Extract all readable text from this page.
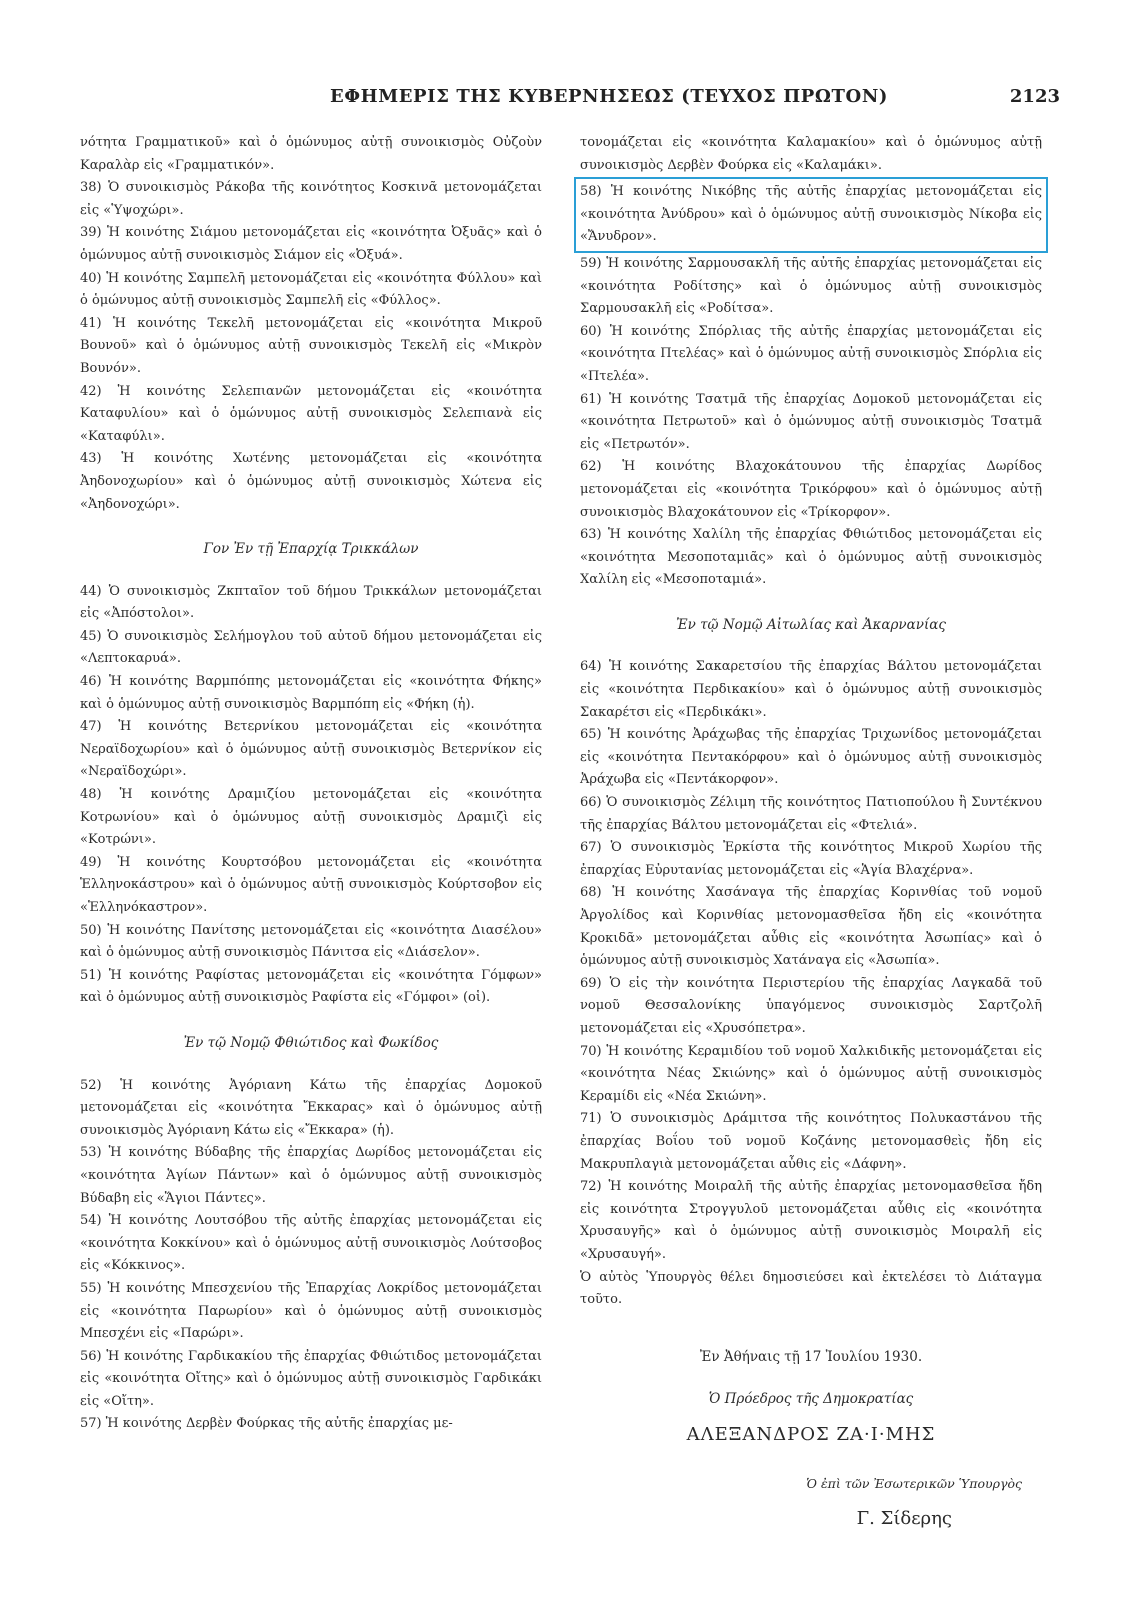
ΕΦΗΜΕΡΙΣ ΤΗΣ ΚΥΒΕΡΝΗΣΕΩΣ (ΤΕΥΧΟΣ ΠΡΩΤΟΝ)	2123

νότητα Γραμματικοῦ» καὶ ὁ ὁμώνυμος αὐτῇ συνοικισμὸς Οὐζοὺν Καραλὰρ εἰς «Γραμματικόν».

38) Ὁ συνοικισμὸς Ράκοβα τῆς κοινότητος Κοσκινᾶ μετονομάζεται εἰς «Ὑψοχώρι».

39) Ἡ κοινότης Σιάμου μετονομάζεται εἰς «κοινότητα Ὀξυᾶς» καὶ ὁ ὁμώνυμος αὐτῇ συνοικισμὸς Σιάμον εἰς «Ὀξυά».

40) Ἡ κοινότης Σαμπελῆ μετονομάζεται εἰς «κοινότητα Φύλλου» καὶ ὁ ὁμώνυμος αὐτῇ συνοικισμὸς Σαμπελῆ εἰς «Φύλλος».

41) Ἡ κοινότης Τεκελῆ μετονομάζεται εἰς «κοινότητα Μικροῦ Βουνοῦ» καὶ ὁ ὁμώνυμος αὐτῇ συνοικισμὸς Τεκελῆ εἰς «Μικρὸν Βουνόν».

42) Ἡ κοινότης Σελεπιανῶν μετονομάζεται εἰς «κοινότητα Καταφυλίου» καὶ ὁ ὁμώνυμος αὐτῇ συνοικισμὸς Σελεπιανὰ εἰς «Καταφύλι».

43) Ἡ κοινότης Χωτένης μετονομάζεται εἰς «κοινότητα Ἀηδονοχωρίου» καὶ ὁ ὁμώνυμος αὐτῇ συνοικισμὸς Χώτενα εἰς «Ἀηδονοχώρι».

Γον Ἐν τῇ Ἐπαρχίᾳ Τρικκάλων

44) Ὁ συνοικισμὸς Ζκπταῖον τοῦ δήμου Τρικκάλων μετονομάζεται εἰς «Ἀπόστολοι».

45) Ὁ συνοικισμὸς Σελήμογλου τοῦ αὐτοῦ δήμου μετονομάζεται εἰς «Λεπτοκαρυά».

46) Ἡ κοινότης Βαρμπόπης μετονομάζεται εἰς «κοινότητα Φήκης» καὶ ὁ ὁμώνυμος αὐτῇ συνοικισμὸς Βαρμπόπη εἰς «Φήκη (ἡ).

47) Ἡ κοινότης Βετερνίκου μετονομάζεται εἰς «κοινότητα Νεραϊδοχωρίου» καὶ ὁ ὁμώνυμος αὐτῇ συνοικισμὸς Βετερνίκον εἰς «Νεραϊδοχώρι».

48) Ἡ κοινότης Δραμιζίου μετονομάζεται εἰς «κοινότητα Κοτρωνίου» καὶ ὁ ὁμώνυμος αὐτῇ συνοικισμὸς Δραμιζὶ εἰς «Κοτρώνι».

49) Ἡ κοινότης Κουρτσόβου μετονομάζεται εἰς «κοινότητα Ἑλληνοκάστρου» καὶ ὁ ὁμώνυμος αὐτῇ συνοικισμὸς Κούρτσοβον εἰς «Ἑλληνόκαστρον».

50) Ἡ κοινότης Πανίτσης μετονομάζεται εἰς «κοινότητα Διασέλου» καὶ ὁ ὁμώνυμος αὐτῇ συνοικισμὸς Πάνιτσα εἰς «Διάσελον».

51) Ἡ κοινότης Ραφίστας μετονομάζεται εἰς «κοινότητα Γόμφων» καὶ ὁ ὁμώνυμος αὐτῇ συνοικισμὸς Ραφίστα εἰς «Γόμφοι» (οἱ).

Ἐν τῷ Νομῷ Φθιώτιδος καὶ Φωκίδος

52) Ἡ κοινότης Ἀγόριανη Κάτω τῆς ἐπαρχίας Δομοκοῦ μετονομάζεται εἰς «κοινότητα Ἔκκαρας» καὶ ὁ ὁμώνυμος αὐτῇ συνοικισμὸς Ἀγόριανη Κάτω εἰς «Ἔκκαρα» (ἡ).

53) Ἡ κοινότης Βύδαβης τῆς ἐπαρχίας Δωρίδος μετονομάζεται εἰς «κοινότητα Ἁγίων Πάντων» καὶ ὁ ὁμώνυμος αὐτῇ συνοικισμὸς Βύδαβη εἰς «Ἅγιοι Πάντες».

54) Ἡ κοινότης Λουτσόβου τῆς αὐτῆς ἐπαρχίας μετονομάζεται εἰς «κοινότητα Κοκκίνου» καὶ ὁ ὁμώνυμος αὐτῇ συνοικισμὸς Λούτσοβος εἰς «Κόκκινος».

55) Ἡ κοινότης Μπεσχενίου τῆς Ἐπαρχίας Λοκρίδος μετονομάζεται εἰς «κοινότητα Παρωρίου» καὶ ὁ ὁμώνυμος αὐτῇ συνοικισμὸς Μπεσχένι εἰς «Παρώρι».

56) Ἡ κοινότης Γαρδικακίου τῆς ἐπαρχίας Φθιώτιδος μετονομάζεται εἰς «κοινότητα Οἴτης» καὶ ὁ ὁμώνυμος αὐτῇ συνοικισμὸς Γαρδικάκι εἰς «Οἴτη».

57) Ἡ κοινότης Δερβὲν Φούρκας τῆς αὐτῆς ἐπαρχίας με-

τονομάζεται εἰς «κοινότητα Καλαμακίου» καὶ ὁ ὁμώνυμος αὐτῇ συνοικισμὸς Δερβὲν Φούρκα εἰς «Καλαμάκι».

58) Ἡ κοινότης Νικόβης τῆς αὐτῆς ἐπαρχίας μετονομάζεται εἰς «κοινότητα Ἀνύδρου» καὶ ὁ ὁμώνυμος αὐτῇ συνοικισμὸς Νίκοβα εἰς «Ἄνυδρον».

59) Ἡ κοινότης Σαρμουσακλῆ τῆς αὐτῆς ἐπαρχίας μετονομάζεται εἰς «κοινότητα Ροδίτσης» καὶ ὁ ὁμώνυμος αὐτῇ συνοικισμὸς Σαρμουσακλῆ εἰς «Ροδίτσα».

60) Ἡ κοινότης Σπόρλιας τῆς αὐτῆς ἐπαρχίας μετονομάζεται εἰς «κοινότητα Πτελέας» καὶ ὁ ὁμώνυμος αὐτῇ συνοικισμὸς Σπόρλια εἰς «Πτελέα».

61) Ἡ κοινότης Τσατμᾶ τῆς ἐπαρχίας Δομοκοῦ μετονομάζεται εἰς «κοινότητα Πετρωτοῦ» καὶ ὁ ὁμώνυμος αὐτῇ συνοικισμὸς Τσατμᾶ εἰς «Πετρωτόν».

62) Ἡ κοινότης Βλαχοκάτουνου τῆς ἐπαρχίας Δωρίδος μετονομάζεται εἰς «κοινότητα Τρικόρφου» καὶ ὁ ὁμώνυμος αὐτῇ συνοικισμὸς Βλαχοκάτουνον εἰς «Τρίκορφον».

63) Ἡ κοινότης Χαλίλη τῆς ἐπαρχίας Φθιώτιδος μετονομάζεται εἰς «κοινότητα Μεσοποταμιᾶς» καὶ ὁ ὁμώνυμος αὐτῇ συνοικισμὸς Χαλίλη εἰς «Μεσοποταμιά».

Ἐν τῷ Νομῷ Αἰτωλίας καὶ Ἀκαρνανίας

64) Ἡ κοινότης Σακαρετσίου τῆς ἐπαρχίας Βάλτου μετονομάζεται εἰς «κοινότητα Περδικακίου» καὶ ὁ ὁμώνυμος αὐτῇ συνοικισμὸς Σακαρέτσι εἰς «Περδικάκι».

65) Ἡ κοινότης Ἀράχωβας τῆς ἐπαρχίας Τριχωνίδος μετονομάζεται εἰς «κοινότητα Πεντακόρφου» καὶ ὁ ὁμώνυμος αὐτῇ συνοικισμὸς Ἀράχωβα εἰς «Πεντάκορφον».

66) Ὁ συνοικισμὸς Ζέλιμη τῆς κοινότητος Πατιοπούλου ἢ Συντέκνου τῆς ἐπαρχίας Βάλτου μετονομάζεται εἰς «Φτελιά».

67) Ὁ συνοικισμὸς Ἐρκίστα τῆς κοινότητος Μικροῦ Χωρίου τῆς ἐπαρχίας Εὐρυτανίας μετονομάζεται εἰς «Ἁγία Βλαχέρνα».

68) Ἡ κοινότης Χασάναγα τῆς ἐπαρχίας Κορινθίας τοῦ νομοῦ Ἀργολίδος καὶ Κορινθίας μετονομασθεῖσα ἤδη εἰς «κοινότητα Κροκιδᾶ» μετονομάζεται αὖθις εἰς «κοινότητα Ἀσωπίας» καὶ ὁ ὁμώνυμος αὐτῇ συνοικισμὸς Χατάναγα εἰς «Ἀσωπία».

69) Ὁ εἰς τὴν κοινότητα Περιστερίου τῆς ἐπαρχίας Λαγκαδᾶ τοῦ νομοῦ Θεσσαλονίκης ὑπαγόμενος συνοικισμὸς Σαρτζολῆ μετονομάζεται εἰς «Χρυσόπετρα».

70) Ἡ κοινότης Κεραμιδίου τοῦ νομοῦ Χαλκιδικῆς μετονομάζεται εἰς «κοινότητα Νέας Σκιώνης» καὶ ὁ ὁμώνυμος αὐτῇ συνοικισμὸς Κεραμίδι εἰς «Νέα Σκιώνη».

71) Ὁ συνοικισμὸς Δράμιτσα τῆς κοινότητος Πολυκαστάνου τῆς ἐπαρχίας Βοΐου τοῦ νομοῦ Κοζάνης μετονομασθεὶς ἤδη εἰς Μακρυπλαγιὰ μετονομάζεται αὖθις εἰς «Δάφνη».

72) Ἡ κοινότης Μοιραλῆ τῆς αὐτῆς ἐπαρχίας μετονομασθεῖσα ἤδη εἰς κοινότητα Στρογγυλοῦ μετονομάζεται αὖθις εἰς «κοινότητα Χρυσαυγῆς» καὶ ὁ ὁμώνυμος αὐτῇ συνοικισμὸς Μοιραλῆ εἰς «Χρυσαυγή».

Ὁ αὐτὸς Ὑπουργὸς θέλει δημοσιεύσει καὶ ἐκτελέσει τὸ Διάταγμα τοῦτο.

Ἐν Ἀθήναις τῇ 17 Ἰουλίου 1930.

Ὁ Πρόεδρος τῆς Δημοκρατίας

ΑΛΕΞΑΝΔΡΟΣ ΖΑ·Ι·ΜΗΣ

Ὁ ἐπὶ τῶν Ἐσωτερικῶν Ὑπουργὸς

Γ. Σίδερης
